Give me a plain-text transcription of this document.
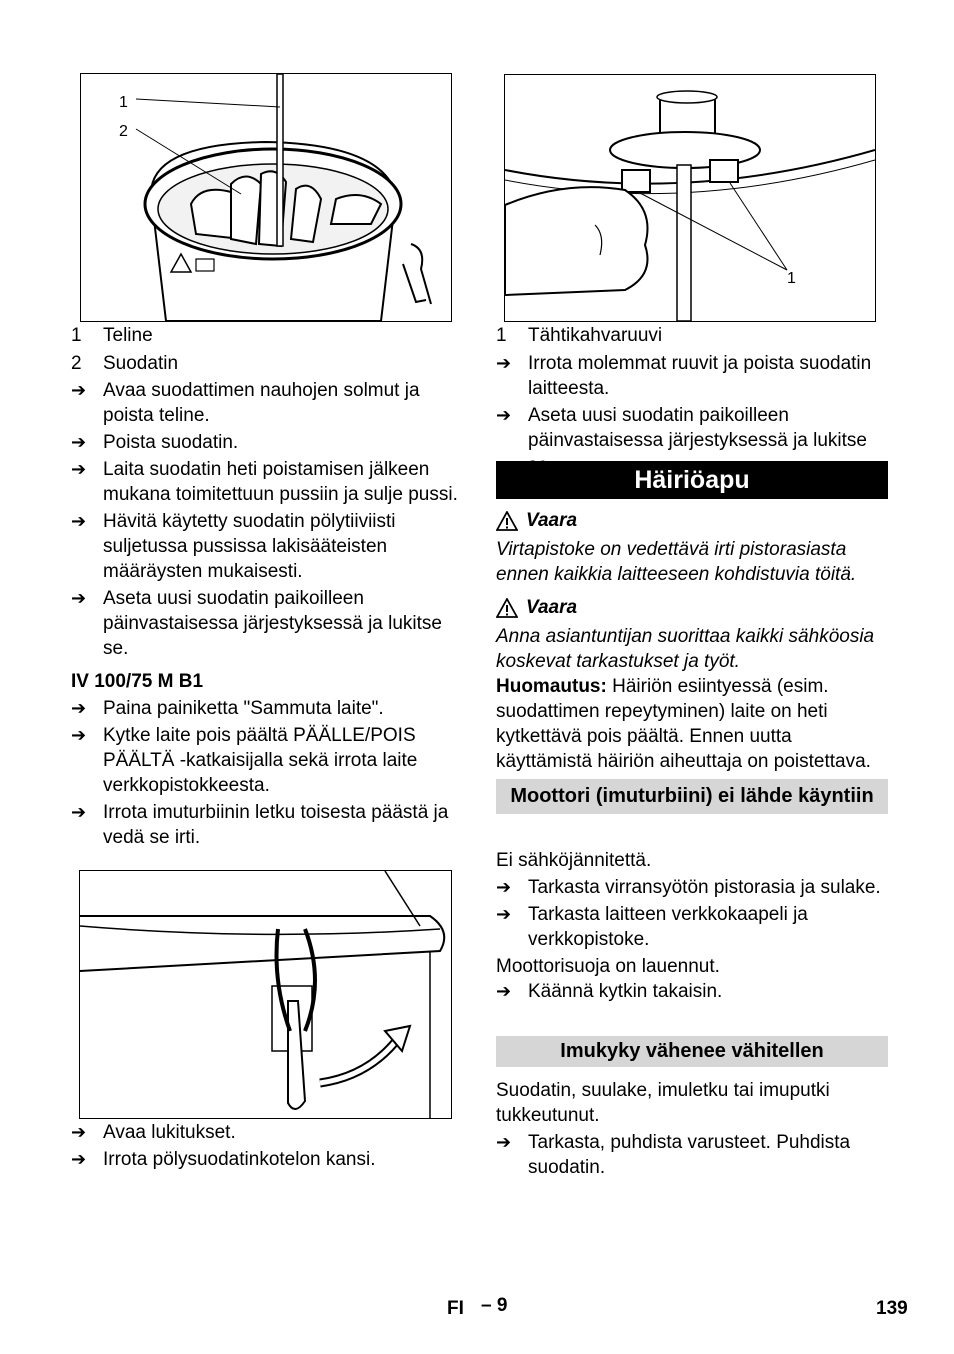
1
2
1	Teline
2	Suodatin
➔ Avaa suodattimen nauhojen solmut ja poista teline.
➔ Poista suodatin.
➔ Laita suodatin heti poistamisen jälkeen mukana toimitettuun pussiin ja sulje pussi.
➔ Hävitä käytetty suodatin pölytiiviisti suljetussa pussissa lakisääteisten määräysten mukaisesti.
➔ Aseta uusi suodatin paikoilleen päinvastaisessa järjestyksessä ja lukitse se.
IV 100/75 M B1
➔ Paina painiketta "Sammuta laite".
➔ Kytke laite pois päältä PÄÄLLE/POIS PÄÄLTÄ -katkaisijalla sekä irrota laite verkkopistokkeesta.
➔ Irrota imuturbiinin letku toisesta päästä ja vedä se irti.
➔ Avaa lukitukset.
➔ Irrota pölysuodatinkotelon kansi.
1
1	Tähtikahvaruuvi
➔ Irrota molemmat ruuvit ja poista suodatin laitteesta.
➔ Aseta uusi suodatin paikoilleen päinvastaisessa järjestyksessä ja lukitse
Häiriöapu
Vaara

Virtapistoke on vedettävä irti pistorasiasta ennen kaikkia laitteeseen kohdistuvia töitä.

Vaara

Anna asiantuntijan suorittaa kaikki sähköosia koskevat tarkastukset ja työt.

Huomautus: Häiriön esiintyessä (esim. suodattimen repeytyminen) laite on heti kytkettävä pois päältä. Ennen uutta käyttämistä häiriön aiheuttaja on poistettava.

Moottori (imuturbiini) ei lähde käyntiin

Ei sähköjännitettä.

➔ Tarkasta virransyötön pistorasia ja sulake.
➔ Tarkasta laitteen verkkokaapeli ja verkkopistoke.

Moottorisuoja on lauennut.

➔ Käännä kytkin takaisin.
Imukyky vähenee vähitellen

Suodatin, suulake, imuletku tai imuputki tukkeutunut.

➔ Tarkasta, puhdista varusteet. Puhdista suodatin.
FI – 9	139
